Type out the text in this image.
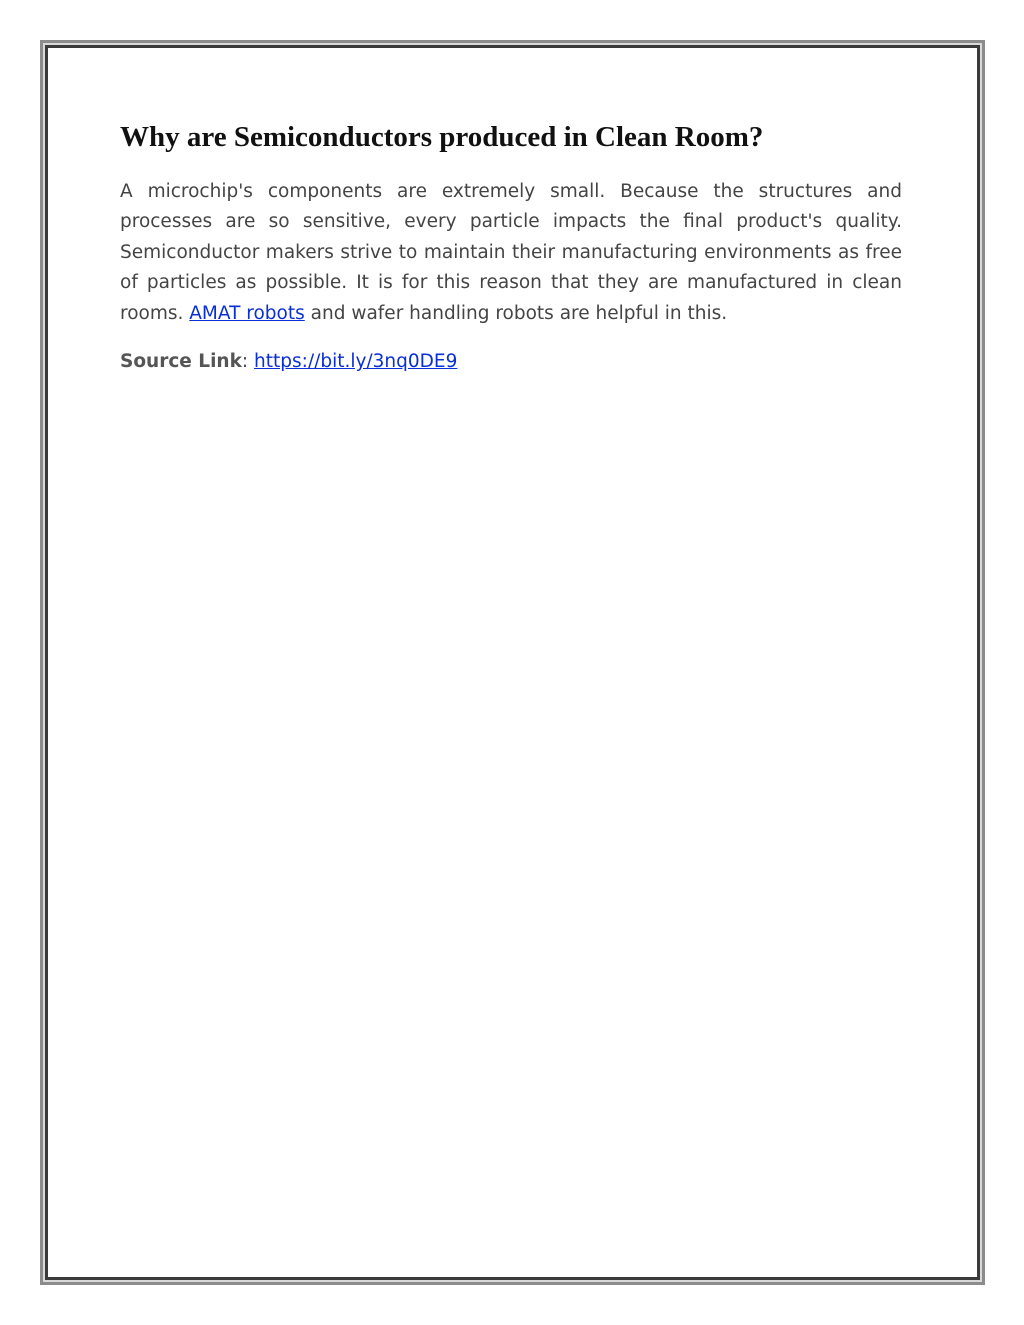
Why are Semiconductors produced in Clean Room?

A microchip's components are extremely small. Because the structures and processes are so sensitive, every particle impacts the final product's quality. Semiconductor makers strive to maintain their manufacturing environments as free of particles as possible. It is for this reason that they are manufactured in clean rooms. AMAT robots and wafer handling robots are helpful in this.

Source Link: https://bit.ly/3nq0DE9
